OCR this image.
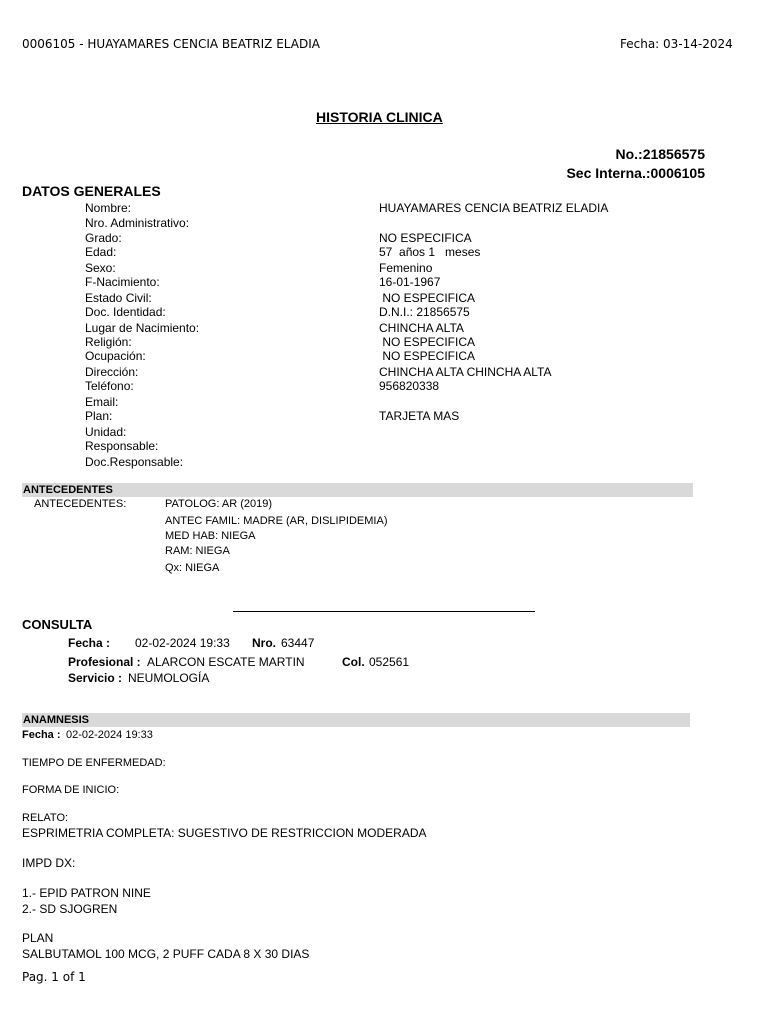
0006105 - HUAYAMARES CENCIA BEATRIZ ELADIA	Fecha: 03-14-2024
HISTORIA CLINICA
No.:21856575
Sec Interna.:0006105
DATOS GENERALES
Nombre:	HUAYAMARES CENCIA BEATRIZ ELADIA
Nro. Administrativo:
Grado:	NO ESPECIFICA
Edad:	57  años 1   meses
Sexo:	Femenino
F-Nacimiento:	16-01-1967
Estado Civil:	NO ESPECIFICA
Doc. Identidad:	D.N.I.: 21856575
Lugar de Nacimiento:	CHINCHA ALTA
Religión:	NO ESPECIFICA
Ocupación:	NO ESPECIFICA
Dirección:	CHINCHA ALTA CHINCHA ALTA
Teléfono:	956820338
Email:
Plan:	TARJETA MAS
Unidad:
Responsable:
Doc.Responsable:
ANTECEDENTES
ANTECEDENTES:	PATOLOG: AR (2019)
ANTEC FAMIL: MADRE (AR, DISLIPIDEMIA)
MED HAB: NIEGA
RAM: NIEGA
Qx: NIEGA
CONSULTA
Fecha : 02-02-2024 19:33 Nro. 63447
Profesional : ALARCON ESCATE MARTIN	Col. 052561
Servicio : NEUMOLOGÍA
ANAMNESIS
Fecha : 02-02-2024 19:33
TIEMPO DE ENFERMEDAD:
FORMA DE INICIO:
RELATO:
ESPRIMETRIA COMPLETA: SUGESTIVO DE RESTRICCION MODERADA
IMPD DX:
1.- EPID PATRON NINE
2.- SD SJOGREN
PLAN
SALBUTAMOL 100 MCG, 2 PUFF CADA 8 X 30 DIAS
Pag. 1 of 1
